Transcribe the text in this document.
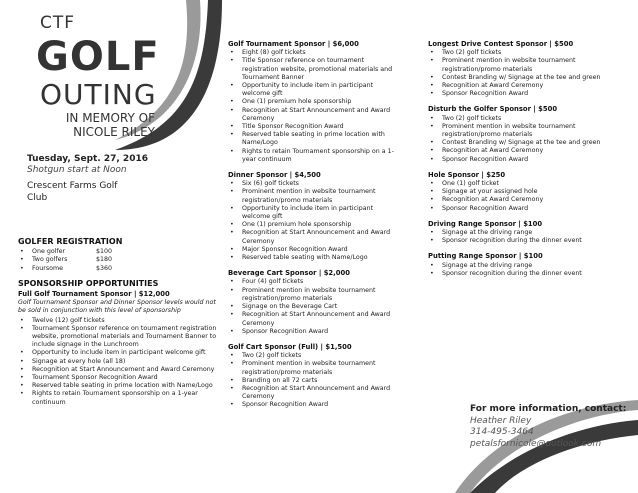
CTF
GOLF
OUTING
IN MEMORY OF
NICOLE RILEY
Tuesday, Sept. 27, 2016
Shotgun start at Noon
Crescent Farms Golf Club
GOLFER REGISTRATION
• One golfer	$100
• Two golfers	$180
• Foursome	$360
SPONSORSHIP OPPORTUNITIES
Full Golf Tournament Sponsor | $12,000

Golf Tournament Sponsor and Dinner Sponsor levels would not be sold in conjunction with this level of sponsorship

• Twelve (12) golf tickets
• Tournament Sponsor reference on tournament registration website, promotional materials and Tournament Banner to include signage in the Lunchroom
• Opportunity to include item in participant welcome gift
• Signage at every hole (all 18)
• Recognition at Start Announcement and Award Ceremony
• Tournament Sponsor Recognition Award
• Reserved table seating in prime location with Name/Logo
• Rights to retain Tournament sponsorship on a 1-year continuum
Golf Tournament Sponsor | $6,000
• Eight (8) golf tickets
• Title Sponsor reference on tournament registration website, promotional materials and Tournament Banner
• Opportunity to include item in participant welcome gift
• One (1) premium hole sponsorship
• Recognition at Start Announcement and Award Ceremony
• Title Sponsor Recognition Award
• Reserved table seating in prime location with Name/Logo
• Rights to retain Tournament sponsorship on a 1-year continuum
Dinner Sponsor | $4,500
• Six (6) golf tickets
• Prominent mention in website tournament registration/promo materials
• Opportunity to include item in participant welcome gift
• One (1) premium hole sponsorship
• Recognition at Start Announcement and Award Ceremony
• Major Sponsor Recognition Award
• Reserved table seating with Name/Logo
Beverage Cart Sponsor | $2,000
• Four (4) golf tickets
• Prominent mention in website tournament registration/promo materials
• Signage on the Beverage Cart
• Recognition at Start Announcement and Award Ceremony
• Sponsor Recognition Award
Golf Cart Sponsor (Full) | $1,500
• Two (2) golf tickets
• Prominent mention in website tournament registration/promo materials
• Branding on all 72 carts
• Recognition at Start Announcement and Award Ceremony
• Sponsor Recognition Award
Longest Drive Contest Sponsor | $500
• Two (2) golf tickets
• Prominent mention in website tournament registration/promo materials
• Contest Branding w/ Signage at the tee and green
• Recognition at Award Ceremony
• Sponsor Recognition Award
Disturb the Golfer Sponsor | $500
• Two (2) golf tickets
• Prominent mention in website tournament registration/promo materials
• Contest Branding w/ Signage at the tee and green
• Recognition at Award Ceremony
• Sponsor Recognition Award
Hole Sponsor | $250
• One (1) golf ticket
• Signage at your assigned hole
• Recognition at Award Ceremony
• Sponsor Recognition Award
Driving Range Sponsor | $100
• Signage at the driving range
• Sponsor recognition during the dinner event
Putting Range Sponsor | $100
• Signage at the driving range
• Sponsor recognition during the dinner event
For more information, contact:
Heather Riley
314-495-3464
petalsfornicole@outlook.com
